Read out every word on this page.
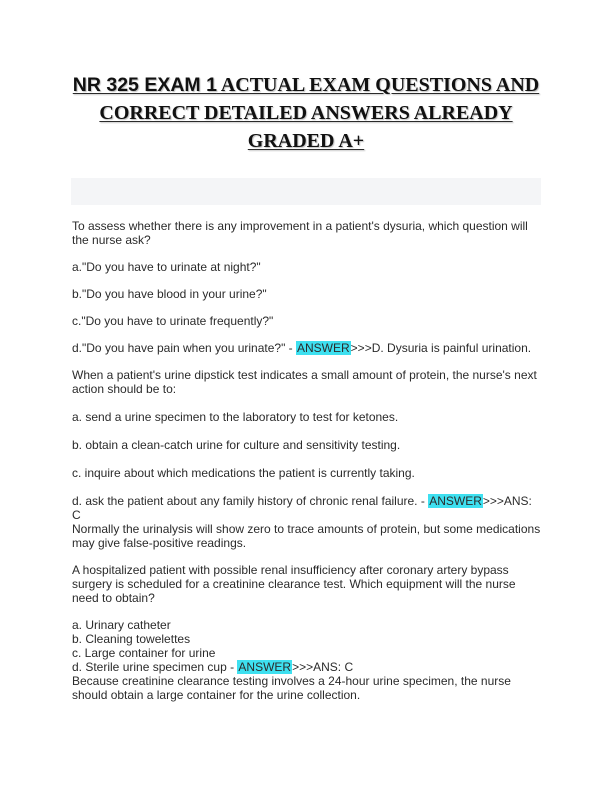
NR 325 EXAM 1 ACTUAL EXAM QUESTIONS AND CORRECT DETAILED ANSWERS ALREADY GRADED A+

To assess whether there is any improvement in a patient's dysuria, which question will the nurse ask?

a."Do you have to urinate at night?"

b."Do you have blood in your urine?"

c."Do you have to urinate frequently?"

d."Do you have pain when you urinate?" - ANSWER>>>D. Dysuria is painful urination.

When a patient's urine dipstick test indicates a small amount of protein, the nurse's next action should be to:

a. send a urine specimen to the laboratory to test for ketones.

b. obtain a clean-catch urine for culture and sensitivity testing.

c. inquire about which medications the patient is currently taking.

d. ask the patient about any family history of chronic renal failure. - ANSWER>>>ANS: C

Normally the urinalysis will show zero to trace amounts of protein, but some medications may give false-positive readings.

A hospitalized patient with possible renal insufficiency after coronary artery bypass surgery is scheduled for a creatinine clearance test. Which equipment will the nurse need to obtain?

a. Urinary catheter

b. Cleaning towelettes

c. Large container for urine

d. Sterile urine specimen cup - ANSWER>>>ANS: C

Because creatinine clearance testing involves a 24-hour urine specimen, the nurse should obtain a large container for the urine collection.
